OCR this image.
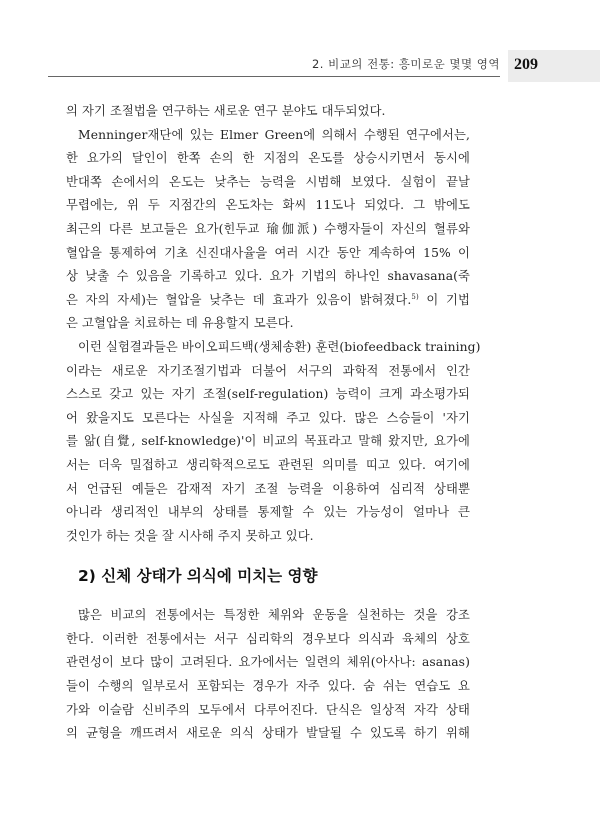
2. 비교의 전통: 흥미로운 몇몇 영역 209
의 자기 조절법을 연구하는 새로운 연구 분야도 대두되었다.
Menninger재단에 있는 Elmer Green에 의해서 수행된 연구에서는,
한 요가의 달인이 한쪽 손의 한 지점의 온도를 상승시키면서 동시에
반대쪽 손에서의 온도는 낮추는 능력을 시범해 보였다. 실험이 끝날
무렵에는, 위 두 지점간의 온도차는 화씨 11도나 되었다. 그 밖에도
최근의 다른 보고들은 요가(힌두교 瑜伽派) 수행자들이 자신의 혈류와
혈압을 통제하여 기초 신진대사율을 여러 시간 동안 계속하여 15% 이
상 낮출 수 있음을 기록하고 있다. 요가 기법의 하나인 shavasana(죽
은 자의 자세)는 혈압을 낮추는 데 효과가 있음이 밝혀졌다.$^{5)}$ 이 기법
은 고혈압을 치료하는 데 유용할지 모른다.
이런 실험결과들은 바이오피드백(생체송환) 훈련(biofeedback training)
이라는 새로운 자기조절기법과 더불어 서구의 과학적 전통에서 인간
스스로 갖고 있는 자기 조절(self-regulation) 능력이 크게 과소평가되
어 왔을지도 모른다는 사실을 지적해 주고 있다. 많은 스승들이 '자기
를 앎(自覺, self-knowledge)'이 비교의 목표라고 말해 왔지만, 요가에
서는 더욱 밀접하고 생리학적으로도 관련된 의미를 띠고 있다. 여기에
서 언급된 예들은 감재적 자기 조절 능력을 이용하여 심리적 상태뿐
아니라 생리적인 내부의 상태를 통제할 수 있는 가능성이 얼마나 큰
것인가 하는 것을 잘 시사해 주지 못하고 있다.
2) 신체 상태가 의식에 미치는 영향
많은 비교의 전통에서는 특정한 체위와 운동을 실천하는 것을 강조
한다. 이러한 전통에서는 서구 심리학의 경우보다 의식과 육체의 상호
관련성이 보다 많이 고려된다. 요가에서는 일련의 체위(아사나: asanas)
들이 수행의 일부로서 포함되는 경우가 자주 있다. 숨 쉬는 연습도 요
가와 이슬람 신비주의 모두에서 다루어진다. 단식은 일상적 자각 상태
의 균형을 깨뜨려서 새로운 의식 상태가 발달될 수 있도록 하기 위해
